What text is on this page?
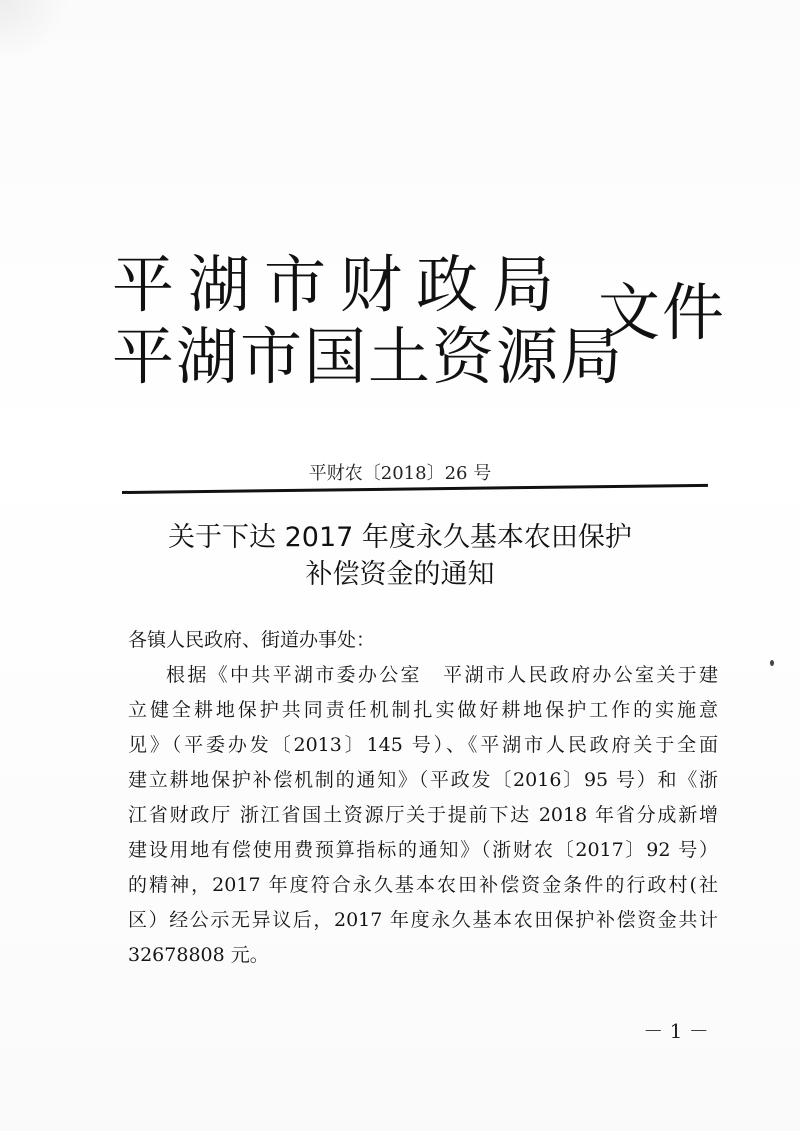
平湖市财政局
平湖市国土资源局
文件
平财农〔2018〕26 号
关于下达 2017 年度永久基本农田保护
补偿资金的通知

各镇人民政府、街道办事处：

根据《中共平湖市委办公室　平湖市人民政府办公室关于建
立健全耕地保护共同责任机制扎实做好耕地保护工作的实施意
见》（平委办发〔2013〕145 号）、《平湖市人民政府关于全面
建立耕地保护补偿机制的通知》（平政发〔2016〕95 号）和《浙
江省财政厅 浙江省国土资源厅关于提前下达 2018 年省分成新增
建设用地有偿使用费预算指标的通知》（浙财农〔2017〕92 号）
的精神，2017 年度符合永久基本农田补偿资金条件的行政村(社
区）经公示无异议后，2017 年度永久基本农田保护补偿资金共计
32678808 元。

－ 1 －
